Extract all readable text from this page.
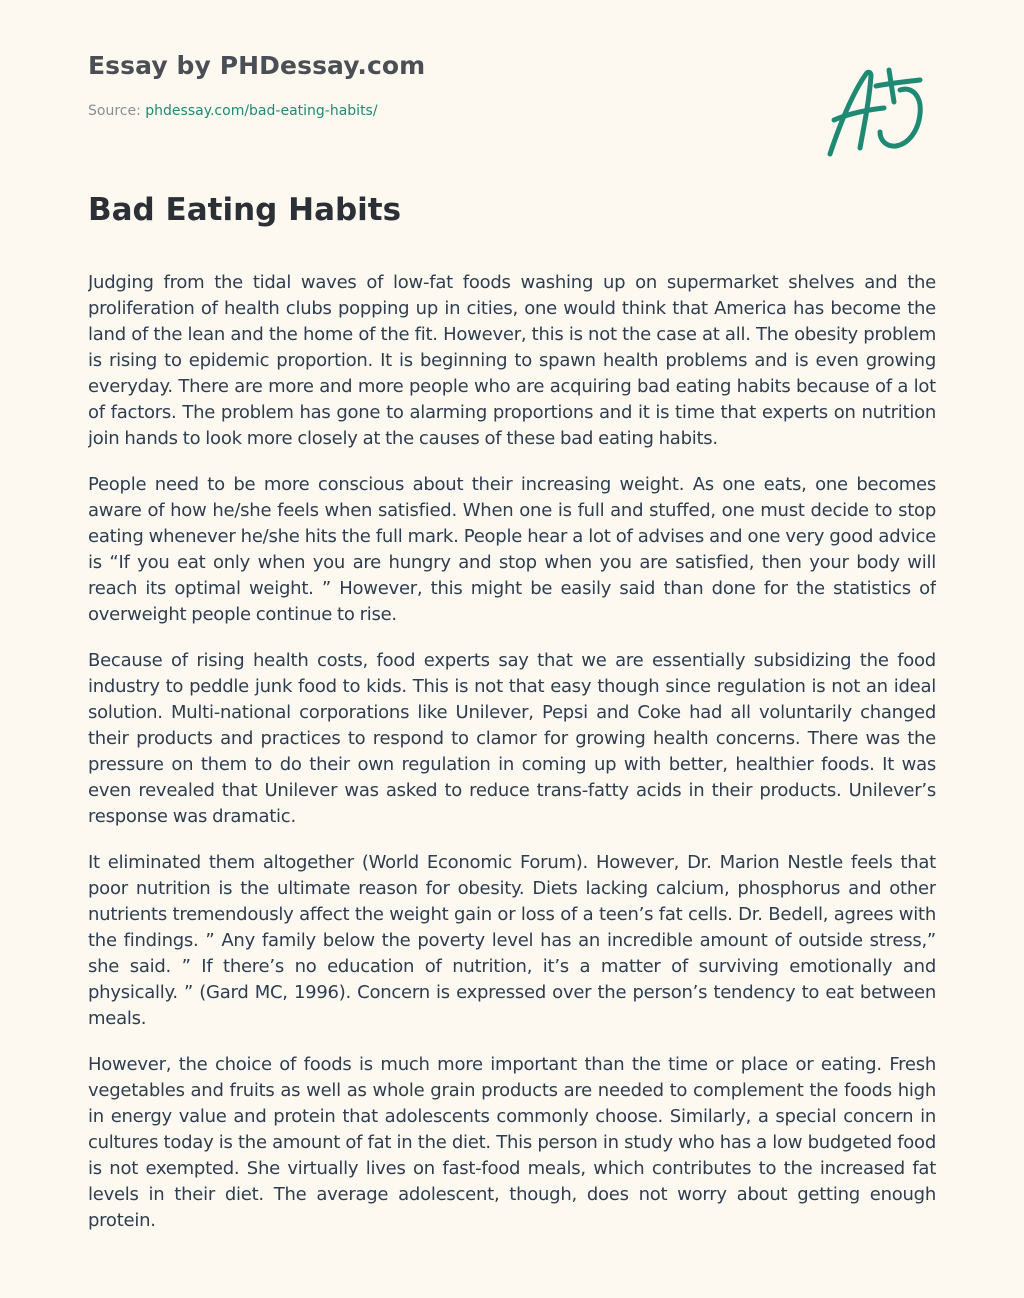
Essay by PHDessay.com
Source: phdessay.com/bad-eating-habits/
Bad Eating Habits

Judging from the tidal waves of low-fat foods washing up on supermarket shelves and the proliferation of health clubs popping up in cities, one would think that America has become the land of the lean and the home of the fit. However, this is not the case at all. The obesity problem is rising to epidemic proportion. It is beginning to spawn health problems and is even growing everyday. There are more and more people who are acquiring bad eating habits because of a lot of factors. The problem has gone to alarming proportions and it is time that experts on nutrition join hands to look more closely at the causes of these bad eating habits.

People need to be more conscious about their increasing weight. As one eats, one becomes aware of how he/she feels when satisfied. When one is full and stuffed, one must decide to stop eating whenever he/she hits the full mark. People hear a lot of advises and one very good advice is “If you eat only when you are hungry and stop when you are satisfied, then your body will reach its optimal weight. ” However, this might be easily said than done for the statistics of overweight people continue to rise.

Because of rising health costs, food experts say that we are essentially subsidizing the food industry to peddle junk food to kids. This is not that easy though since regulation is not an ideal solution. Multi-national corporations like Unilever, Pepsi and Coke had all voluntarily changed their products and practices to respond to clamor for growing health concerns. There was the pressure on them to do their own regulation in coming up with better, healthier foods. It was even revealed that Unilever was asked to reduce trans-fatty acids in their products. Unilever’s response was dramatic.

It eliminated them altogether (World Economic Forum). However, Dr. Marion Nestle feels that poor nutrition is the ultimate reason for obesity. Diets lacking calcium, phosphorus and other nutrients tremendously affect the weight gain or loss of a teen’s fat cells. Dr. Bedell, agrees with the findings. ” Any family below the poverty level has an incredible amount of outside stress,” she said. ” If there’s no education of nutrition, it’s a matter of surviving emotionally and physically. ” (Gard MC, 1996). Concern is expressed over the person’s tendency to eat between meals.

However, the choice of foods is much more important than the time or place or eating. Fresh vegetables and fruits as well as whole grain products are needed to complement the foods high in energy value and protein that adolescents commonly choose. Similarly, a special concern in cultures today is the amount of fat in the diet. This person in study who has a low budgeted food is not exempted. She virtually lives on fast-food meals, which contributes to the increased fat levels in their diet. The average adolescent, though, does not worry about getting enough protein.
